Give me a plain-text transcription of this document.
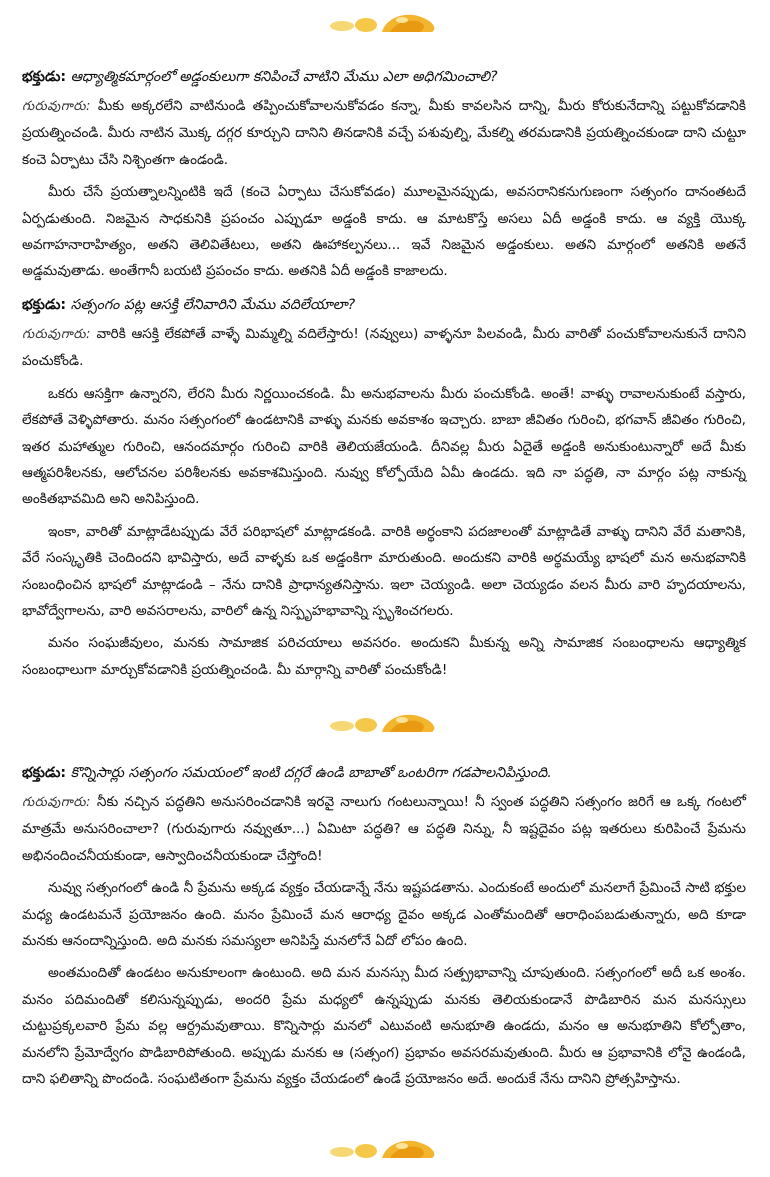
భక్తుడు: ఆధ్యాత్మికమార్గంలో అడ్డంకులుగా కనిపించే వాటిని మేము ఎలా అధిగమించాలి?

గురువుగారు: మీకు అక్కరలేని వాటినుండి తప్పించుకోవాలనుకోవడం కన్నా, మీకు కావలసిన దాన్ని, మీరు కోరుకునేదాన్ని పట్టుకోవడానికి ప్రయత్నించండి. మీరు నాటిన మొక్క దగ్గర కూర్చుని దానిని తినడానికి వచ్చే పశువుల్ని, మేకల్ని తరమడానికి ప్రయత్నించకుండా దాని చుట్టూ కంచె ఏర్పాటు చేసి నిశ్చింతగా ఉండండి.

మీరు చేసే ప్రయత్నాలన్నింటికి ఇదే (కంచె ఏర్పాటు చేసుకోవడం) మూలమైనప్పుడు, అవసరానికనుగుణంగా సత్సంగం దానంతటదే ఏర్పడుతుంది. నిజమైన సాధకునికి ప్రపంచం ఎప్పుడూ అడ్డంకి కాదు. ఆ మాటకొస్తే అసలు ఏదీ అడ్డంకి కాదు. ఆ వ్యక్తి యొక్క అవగాహనారాహిత్యం, అతని తెలివితేటలు, అతని ఊహాకల్పనలు... ఇవే నిజమైన అడ్డంకులు. అతని మార్గంలో అతనికి అతనే అడ్డమవుతాడు. అంతేగానీ బయటి ప్రపంచం కాదు. అతనికి ఏదీ అడ్డంకి కాజాలదు.

భక్తుడు: సత్సంగం పట్ల ఆసక్తి లేనివారిని మేము వదిలేయాలా?

గురువుగారు: వారికి ఆసక్తి లేకపోతే వాళ్ళే మిమ్మల్ని వదిలేస్తారు! (నవ్వులు) వాళ్ళనూ పిలవండి, మీరు వారితో పంచుకోవాలనుకునే దానిని పంచుకోండి.

ఒకరు ఆసక్తిగా ఉన్నారని, లేరని మీరు నిర్ణయించకండి. మీ అనుభవాలను మీరు పంచుకోండి. అంతే! వాళ్ళు రావాలనుకుంటే వస్తారు, లేకపోతే వెళ్ళిపోతారు. మనం సత్సంగంలో ఉండటానికి వాళ్ళు మనకు అవకాశం ఇచ్చారు. బాబా జీవితం గురించి, భగవాన్ జీవితం గురించి, ఇతర మహాత్ముల గురించి, ఆనందమార్గం గురించి వారికి తెలియజేయండి. దీనివల్ల మీరు ఏదైతే అడ్డంకి అనుకుంటున్నారో అదే మీకు ఆత్మపరిశీలనకు, ఆలోచనల పరిశీలనకు అవకాశమిస్తుంది. నువ్వు కోల్పోయేది ఏమీ ఉండదు. ఇది నా పద్ధతి, నా మార్గం పట్ల నాకున్న అంకితభావమిది అని అనిపిస్తుంది.

ఇంకా, వారితో మాట్లాడేటప్పుడు వేరే పరిభాషలో మాట్లాడకండి. వారికి అర్థంకాని పదజాలంతో మాట్లాడితే వాళ్ళు దానిని వేరే మతానికి, వేరే సంస్కృతికి చెందిందని భావిస్తారు, అదే వాళ్ళకు ఒక అడ్డంకిగా మారుతుంది. అందుకని వారికి అర్థమయ్యే భాషలో మన అనుభవానికి సంబంధించిన భాషలో మాట్లాడండి – నేను దానికి ప్రాధాన్యతనిస్తాను. ఇలా చెయ్యండి. అలా చెయ్యడం వలన మీరు వారి హృదయాలను, భావోద్వేగాలను, వారి అవసరాలను, వారిలో ఉన్న నిస్పృహభావాన్ని స్పృశించగలరు.

మనం సంఘజీవులం, మనకు సామాజిక పరిచయాలు అవసరం. అందుకని మీకున్న అన్ని సామాజిక సంబంధాలను ఆధ్యాత్మిక సంబంధాలుగా మార్చుకోవడానికి ప్రయత్నించండి. మీ మార్గాన్ని వారితో పంచుకోండి!

భక్తుడు: కొన్నిసార్లు సత్సంగం సమయంలో ఇంటి దగ్గరే ఉండి బాబాతో ఒంటరిగా గడపాలనిపిస్తుంది.

గురువుగారు: నీకు నచ్చిన పద్ధతిని అనుసరించడానికి ఇరవై నాలుగు గంటలున్నాయి! నీ స్వంత పద్ధతిని సత్సంగం జరిగే ఆ ఒక్క గంటలో మాత్రమే అనుసరించాలా? (గురువుగారు నవ్వుతూ...) ఏమిటా పద్ధతి? ఆ పద్ధతి నిన్ను, నీ ఇష్టదైవం పట్ల ఇతరులు కురిపించే ప్రేమను అభినందించనీయకుండా, ఆస్వాదించనీయకుండా చేస్తోంది!

నువ్వు సత్సంగంలో ఉండి నీ ప్రేమను అక్కడ వ్యక్తం చేయడాన్నే నేను ఇష్టపడతాను. ఎందుకంటే అందులో మనలాగే ప్రేమించే సాటి భక్తుల మధ్య ఉండటమనే ప్రయోజనం ఉంది. మనం ప్రేమించే మన ఆరాధ్య దైవం అక్కడ ఎంతోమందితో ఆరాధింపబడుతున్నారు, అది కూడా మనకు ఆనందాన్నిస్తుంది. అది మనకు సమస్యలా అనిపిస్తే మనలోనే ఏదో లోపం ఉంది.

అంతమందితో ఉండటం అనుకూలంగా ఉంటుంది. అది మన మనస్సు మీద సత్ప్రభావాన్ని చూపుతుంది. సత్సంగంలో అదీ ఒక అంశం. మనం పదిమందితో కలిసున్నప్పుడు, అందరి ప్రేమ మధ్యలో ఉన్నప్పుడు మనకు తెలియకుండానే పొడిబారిన మన మనస్సులు చుట్టుప్రక్కలవారి ప్రేమ వల్ల ఆర్ద్రమవుతాయి. కొన్నిసార్లు మనలో ఎటువంటి అనుభూతి ఉండదు, మనం ఆ అనుభూతిని కోల్పోతాం, మనలోని ప్రేమోద్వేగం పొడిబారిపోతుంది. అప్పుడు మనకు ఆ (సత్సంగ) ప్రభావం అవసరమవుతుంది. మీరు ఆ ప్రభావానికి లోనై ఉండండి, దాని ఫలితాన్ని పొందండి. సంఘటితంగా ప్రేమను వ్యక్తం చేయడంలో ఉండే ప్రయోజనం అదే. అందుకే నేను దానిని ప్రోత్సహిస్తాను.
